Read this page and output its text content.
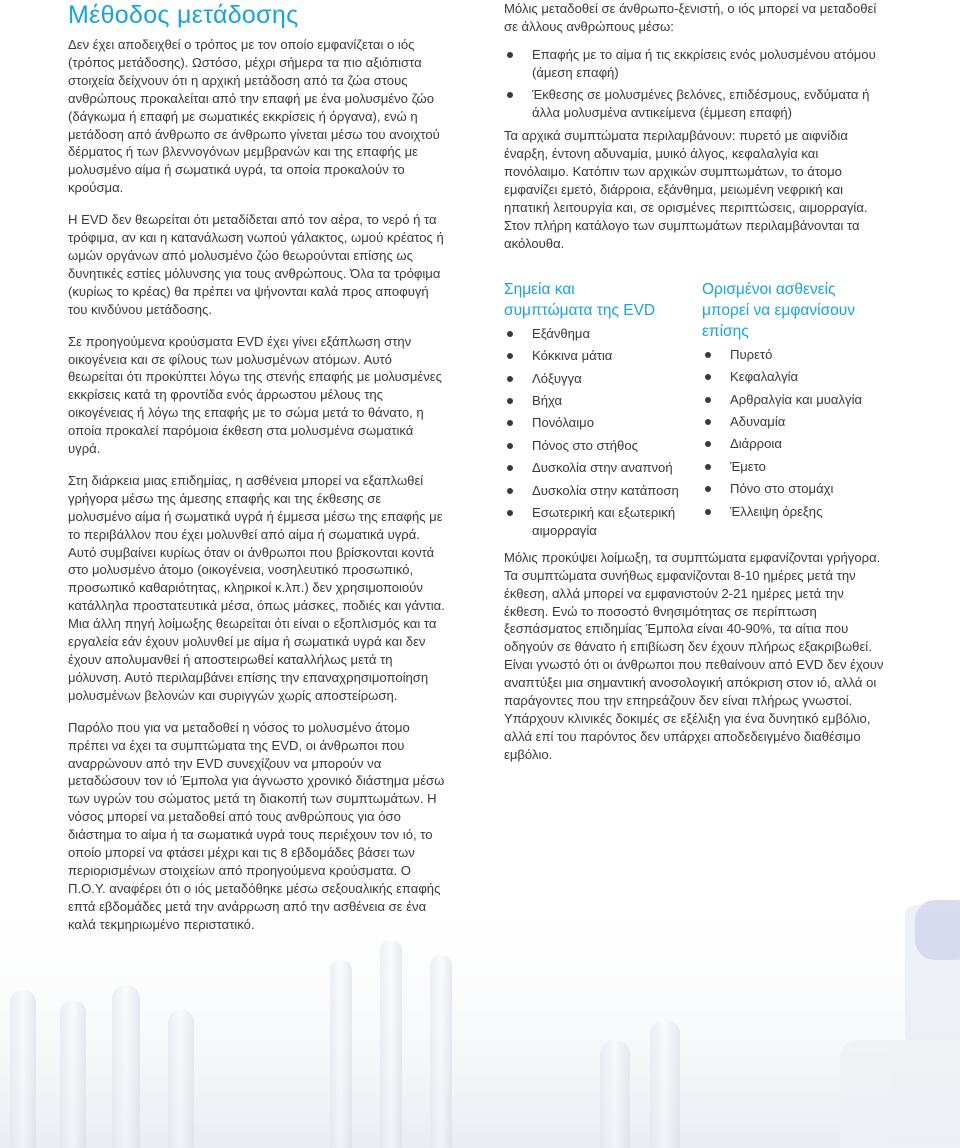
Μέθοδος μετάδοσης

Δεν έχει αποδειχθεί ο τρόπος με τον οποίο εμφανίζεται ο ιός (τρόπος μετάδοσης). Ωστόσο, μέχρι σήμερα τα πιο αξιόπιστα στοιχεία δείχνουν ότι η αρχική μετάδοση από τα ζώα στους ανθρώπους προκαλείται από την επαφή με ένα μολυσμένο ζώο (δάγκωμα ή επαφή με σωματικές εκκρίσεις ή όργανα), ενώ η μετάδοση από άνθρωπο σε άνθρωπο γίνεται μέσω του ανοιχτού δέρματος ή των βλεννογόνων μεμβρανών και της επαφής με μολυσμένο αίμα ή σωματικά υγρά, τα οποία προκαλούν το κρούσμα.

Η EVD δεν θεωρείται ότι μεταδίδεται από τον αέρα, το νερό ή τα τρόφιμα, αν και η κατανάλωση νωπού γάλακτος, ωμού κρέατος ή ωμών οργάνων από μολυσμένο ζώο θεωρούνται επίσης ως δυνητικές εστίες μόλυνσης για τους ανθρώπους. Όλα τα τρόφιμα (κυρίως το κρέας) θα πρέπει να ψήνονται καλά προς αποφυγή του κινδύνου μετάδοσης.

Σε προηγούμενα κρούσματα EVD έχει γίνει εξάπλωση στην οικογένεια και σε φίλους των μολυσμένων ατόμων. Αυτό θεωρείται ότι προκύπτει λόγω της στενής επαφής με μολυσμένες εκκρίσεις κατά τη φροντίδα ενός άρρωστου μέλους της οικογένειας ή λόγω της επαφής με το σώμα μετά το θάνατο, η οποία προκαλεί παρόμοια έκθεση στα μολυσμένα σωματικά υγρά.

Στη διάρκεια μιας επιδημίας, η ασθένεια μπορεί να εξαπλωθεί γρήγορα μέσω της άμεσης επαφής και της έκθεσης σε μολυσμένο αίμα ή σωματικά υγρά ή έμμεσα μέσω της επαφής με το περιβάλλον που έχει μολυνθεί από αίμα ή σωματικά υγρά. Αυτό συμβαίνει κυρίως όταν οι άνθρωποι που βρίσκονται κοντά στο μολυσμένο άτομο (οικογένεια, νοσηλευτικό προσωπικό, προσωπικό καθαριότητας, κληρικοί κ.λπ.) δεν χρησιμοποιούν κατάλληλα προστατευτικά μέσα, όπως μάσκες, ποδιές και γάντια. Μια άλλη πηγή λοίμωξης θεωρείται ότι είναι ο εξοπλισμός και τα εργαλεία εάν έχουν μολυνθεί με αίμα ή σωματικά υγρά και δεν έχουν απολυμανθεί ή αποστειρωθεί καταλλήλως μετά τη μόλυνση. Αυτό περιλαμβάνει επίσης την επαναχρησιμοποίηση μολυσμένων βελονών και συριγγών χωρίς αποστείρωση.

Παρόλο που για να μεταδοθεί η νόσος το μολυσμένο άτομο πρέπει να έχει τα συμπτώματα της EVD, οι άνθρωποι που αναρρώνουν από την EVD συνεχίζουν να μπορούν να μεταδώσουν τον ιό Έμπολα για άγνωστο χρονικό διάστημα μέσω των υγρών του σώματος μετά τη διακοπή των συμπτωμάτων. Η νόσος μπορεί να μεταδοθεί από τους ανθρώπους για όσο διάστημα το αίμα ή τα σωματικά υγρά τους περιέχουν τον ιό, το οποίο μπορεί να φτάσει μέχρι και τις 8 εβδομάδες βάσει των περιορισμένων στοιχείων από προηγούμενα κρούσματα. Ο Π.Ο.Υ. αναφέρει ότι ο ιός μεταδόθηκε μέσω σεξουαλικής επαφής επτά εβδομάδες μετά την ανάρρωση από την ασθένεια σε ένα καλά τεκμηριωμένο περιστατικό.

Μόλις μεταδοθεί σε άνθρωπο-ξενιστή, ο ιός μπορεί να μεταδοθεί σε άλλους ανθρώπους μέσω:

Επαφής με το αίμα ή τις εκκρίσεις ενός μολυσμένου ατόμου (άμεση επαφή)
Έκθεσης σε μολυσμένες βελόνες, επιδέσμους, ενδύματα ή άλλα μολυσμένα αντικείμενα (έμμεση επαφή)

Τα αρχικά συμπτώματα περιλαμβάνουν: πυρετό με αιφνίδια έναρξη, έντονη αδυναμία, μυικό άλγος, κεφαλαλγία και πονόλαιμο. Κατόπιν των αρχικών συμπτωμάτων, το άτομο εμφανίζει εμετό, διάρροια, εξάνθημα, μειωμένη νεφρική και ηπατική λειτουργία και, σε ορισμένες περιπτώσεις, αιμορραγία. Στον πλήρη κατάλογο των συμπτωμάτων περιλαμβάνονται τα ακόλουθα.

Σημεία και
συμπτώματα της EVD
Εξάνθημα
Κόκκινα μάτια
Λόξυγγα
Βήχα
Πονόλαιμο
Πόνος στο στήθος
Δυσκολία στην αναπνοή
Δυσκολία στην κατάποση
Εσωτερική και εξωτερική αιμορραγία
Ορισμένοι ασθενείς
μπορεί να εμφανίσουν
επίσης
Πυρετό
Κεφαλαλγία
Αρθραλγία και μυαλγία
Αδυναμία
Διάρροια
Έμετο
Πόνο στο στομάχι
Έλλειψη όρεξης

Μόλις προκύψει λοίμωξη, τα συμπτώματα εμφανίζονται γρήγορα. Τα συμπτώματα συνήθως εμφανίζονται 8-10 ημέρες μετά την έκθεση, αλλά μπορεί να εμφανιστούν 2-21 ημέρες μετά την έκθεση. Ενώ το ποσοστό θνησιμότητας σε περίπτωση ξεσπάσματος επιδημίας Έμπολα είναι 40-90%, τα αίτια που οδηγούν σε θάνατο ή επιβίωση δεν έχουν πλήρως εξακριβωθεί. Είναι γνωστό ότι οι άνθρωποι που πεθαίνουν από EVD δεν έχουν αναπτύξει μια σημαντική ανοσολογική απόκριση στον ιό, αλλά οι παράγοντες που την επηρεάζουν δεν είναι πλήρως γνωστοί. Υπάρχουν κλινικές δοκιμές σε εξέλιξη για ένα δυνητικό εμβόλιο, αλλά επί του παρόντος δεν υπάρχει αποδεδειγμένο διαθέσιμο εμβόλιο.
